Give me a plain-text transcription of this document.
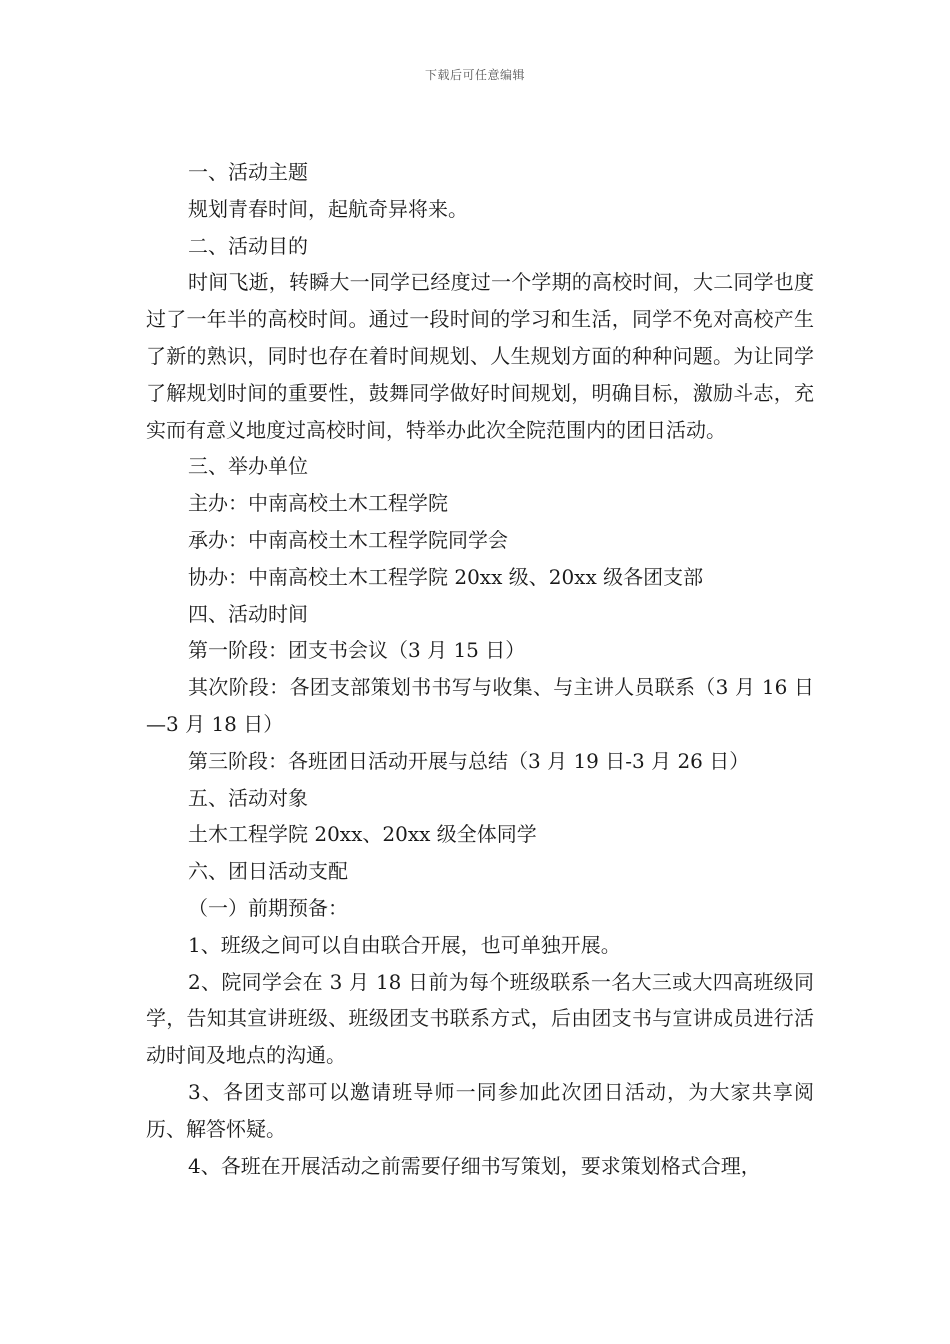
下载后可任意编辑

一、活动主题

规划青春时间，起航奇异将来。

二、活动目的

时间飞逝，转瞬大一同学已经度过一个学期的高校时间，大二同学也度过了一年半的高校时间。通过一段时间的学习和生活，同学不免对高校产生了新的熟识，同时也存在着时间规划、人生规划方面的种种问题。为让同学了解规划时间的重要性，鼓舞同学做好时间规划，明确目标，激励斗志，充实而有意义地度过高校时间，特举办此次全院范围内的团日活动。

三、举办单位

主办：中南高校土木工程学院

承办：中南高校土木工程学院同学会

协办：中南高校土木工程学院 20xx 级、20xx 级各团支部

四、活动时间

第一阶段：团支书会议（3 月 15 日）

其次阶段：各团支部策划书书写与收集、与主讲人员联系（3 月 16 日—3 月 18 日）

第三阶段：各班团日活动开展与总结（3 月 19 日-3 月 26 日）

五、活动对象

土木工程学院 20xx、20xx 级全体同学

六、团日活动支配

（一）前期预备：

1、班级之间可以自由联合开展，也可单独开展。

2、院同学会在 3 月 18 日前为每个班级联系一名大三或大四高班级同学，告知其宣讲班级、班级团支书联系方式，后由团支书与宣讲成员进行活动时间及地点的沟通。

3、各团支部可以邀请班导师一同参加此次团日活动，为大家共享阅历、解答怀疑。

4、各班在开展活动之前需要仔细书写策划，要求策划格式合理，
